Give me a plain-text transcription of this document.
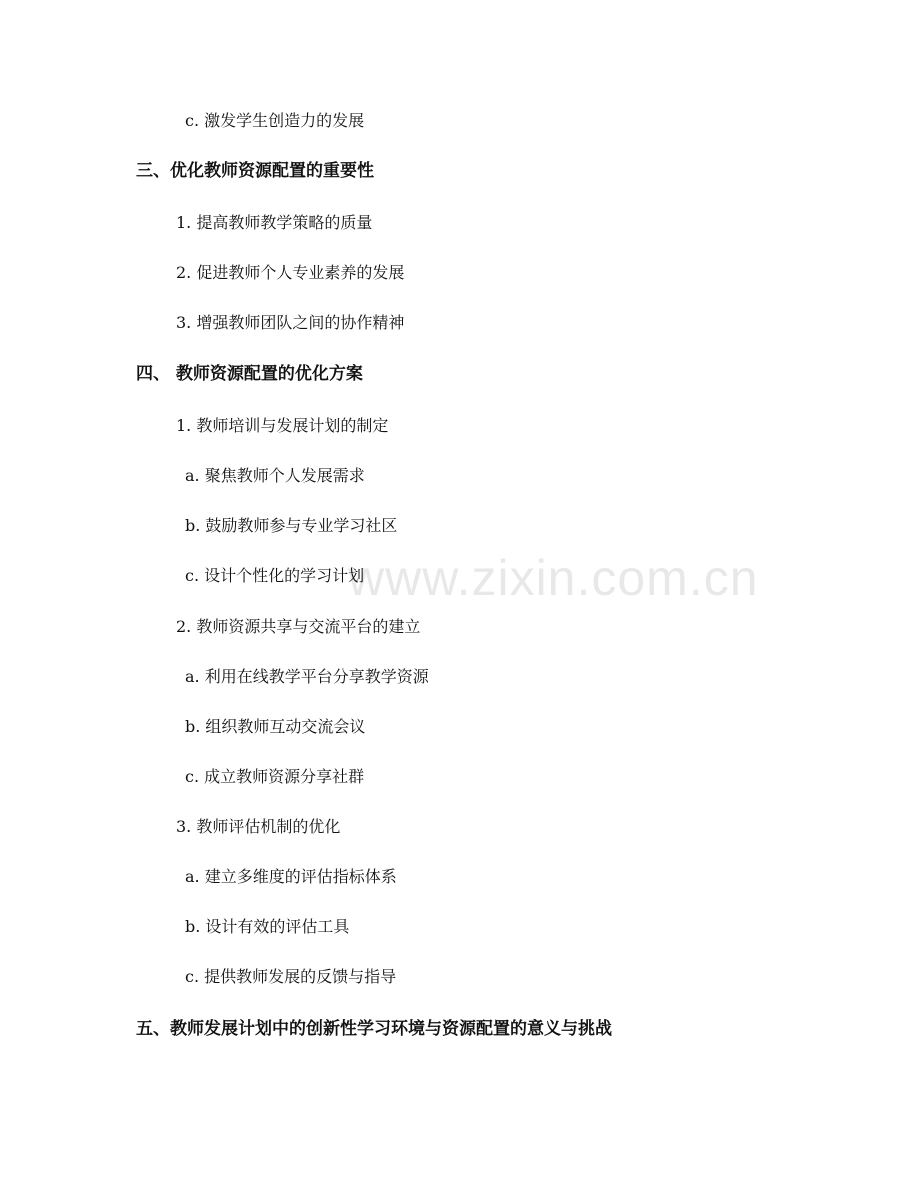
c. 激发学生创造力的发展
三、优化教师资源配置的重要性
1. 提高教师教学策略的质量
2. 促进教师个人专业素养的发展
3. 增强教师团队之间的协作精神
四、 教师资源配置的优化方案
1. 教师培训与发展计划的制定
a. 聚焦教师个人发展需求
b. 鼓励教师参与专业学习社区
c. 设计个性化的学习计划
2. 教师资源共享与交流平台的建立
a. 利用在线教学平台分享教学资源
b. 组织教师互动交流会议
c. 成立教师资源分享社群
3. 教师评估机制的优化
a. 建立多维度的评估指标体系
b. 设计有效的评估工具
c. 提供教师发展的反馈与指导
五、教师发展计划中的创新性学习环境与资源配置的意义与挑战
www.zixin.com.cn
